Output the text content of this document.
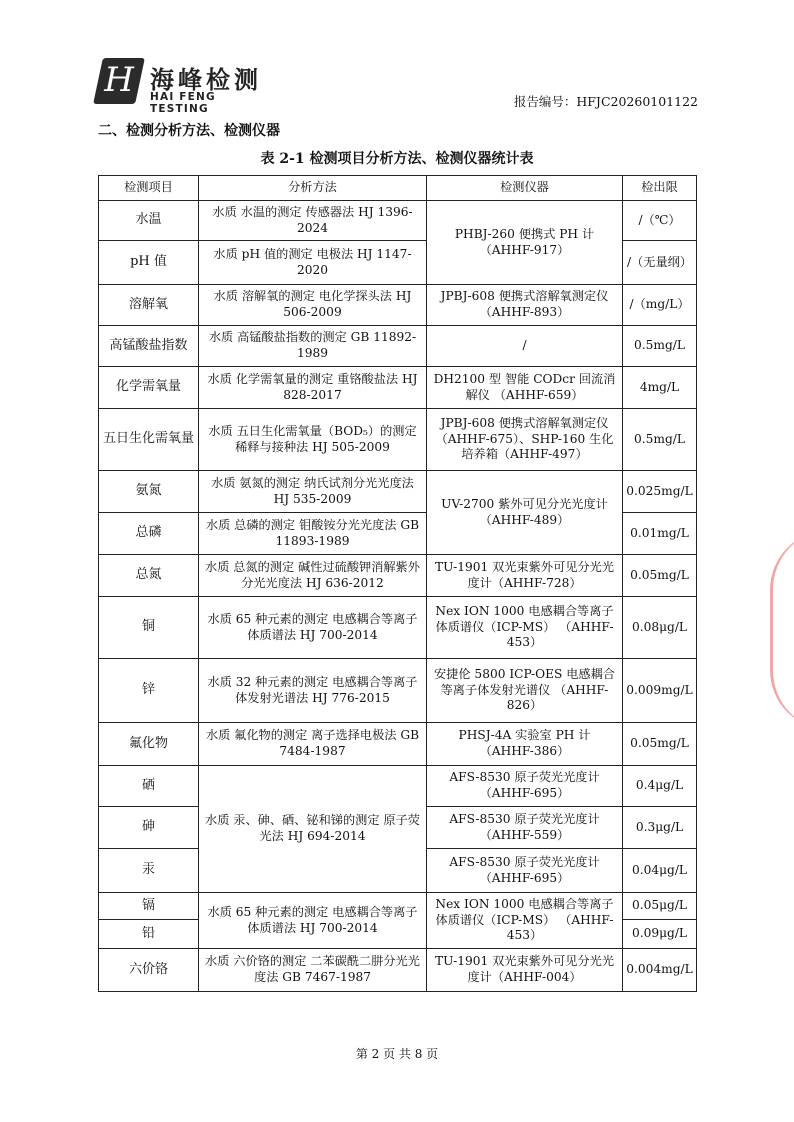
H 海峰检测
HAI FENG TESTING	报告编号：HFJC20260101122
二、检测分析方法、检测仪器
表 2-1 检测项目分析方法、检测仪器统计表
检测项目	分析方法	检测仪器	检出限
水温	水质 水温的测定 传感器法 HJ 1396-2024	PHBJ-260 便携式 PH 计 （AHHF-917）	/（℃）
pH 值	水质 pH 值的测定 电极法 HJ 1147-2020		/（无量纲）
溶解氧	水质 溶解氧的测定 电化学探头法 HJ 506-2009	JPBJ-608 便携式溶解氧测定仪 （AHHF-893）	/（mg/L）
高锰酸盐指数	水质 高锰酸盐指数的测定 GB 11892-1989	/	0.5mg/L
化学需氧量	水质 化学需氧量的测定 重铬酸盐法 HJ 828-2017	DH2100 型 智能 CODcr 回流消解仪 （AHHF-659）	4mg/L
五日生化需氧量	水质 五日生化需氧量（BOD₅）的测定 稀释与接种法 HJ 505-2009	JPBJ-608 便携式溶解氧测定仪（AHHF-675）、SHP-160 生化培养箱（AHHF-497）	0.5mg/L
氨氮	水质 氨氮的测定 纳氏试剂分光光度法 HJ 535-2009	UV-2700 紫外可见分光光度计（AHHF-489）	0.025mg/L
总磷	水质 总磷的测定 钼酸铵分光光度法 GB 11893-1989		0.01mg/L
总氮	水质 总氮的测定 碱性过硫酸钾消解紫外分光光度法 HJ 636-2012	TU-1901 双光束紫外可见分光光度计（AHHF-728）	0.05mg/L
铜	水质 65 种元素的测定 电感耦合等离子体质谱法 HJ 700-2014	Nex ION 1000 电感耦合等离子体质谱仪（ICP-MS） （AHHF-453）	0.08μg/L
锌	水质 32 种元素的测定 电感耦合等离子体发射光谱法 HJ 776-2015	安捷伦 5800 ICP-OES 电感耦合等离子体发射光谱仪 （AHHF-826）	0.009mg/L
氟化物	水质 氟化物的测定 离子选择电极法 GB 7484-1987	PHSJ-4A 实验室 PH 计 （AHHF-386）	0.05mg/L
硒	水质 汞、砷、硒、铋和锑的测定 原子荧光法 HJ 694-2014	AFS-8530 原子荧光光度计 （AHHF-695）	0.4μg/L
砷		AFS-8530 原子荧光光度计 （AHHF-559）	0.3μg/L
汞		AFS-8530 原子荧光光度计 （AHHF-695）	0.04μg/L
镉	水质 65 种元素的测定 电感耦合等离子体质谱法 HJ 700-2014	Nex ION 1000 电感耦合等离子体质谱仪（ICP-MS） （AHHF-453）	0.05μg/L
铅			0.09μg/L
六价铬	水质 六价铬的测定 二苯碳酰二肼分光光度法 GB 7467-1987	TU-1901 双光束紫外可见分光光度计（AHHF-004）	0.004mg/L
第 2 页 共 8 页
